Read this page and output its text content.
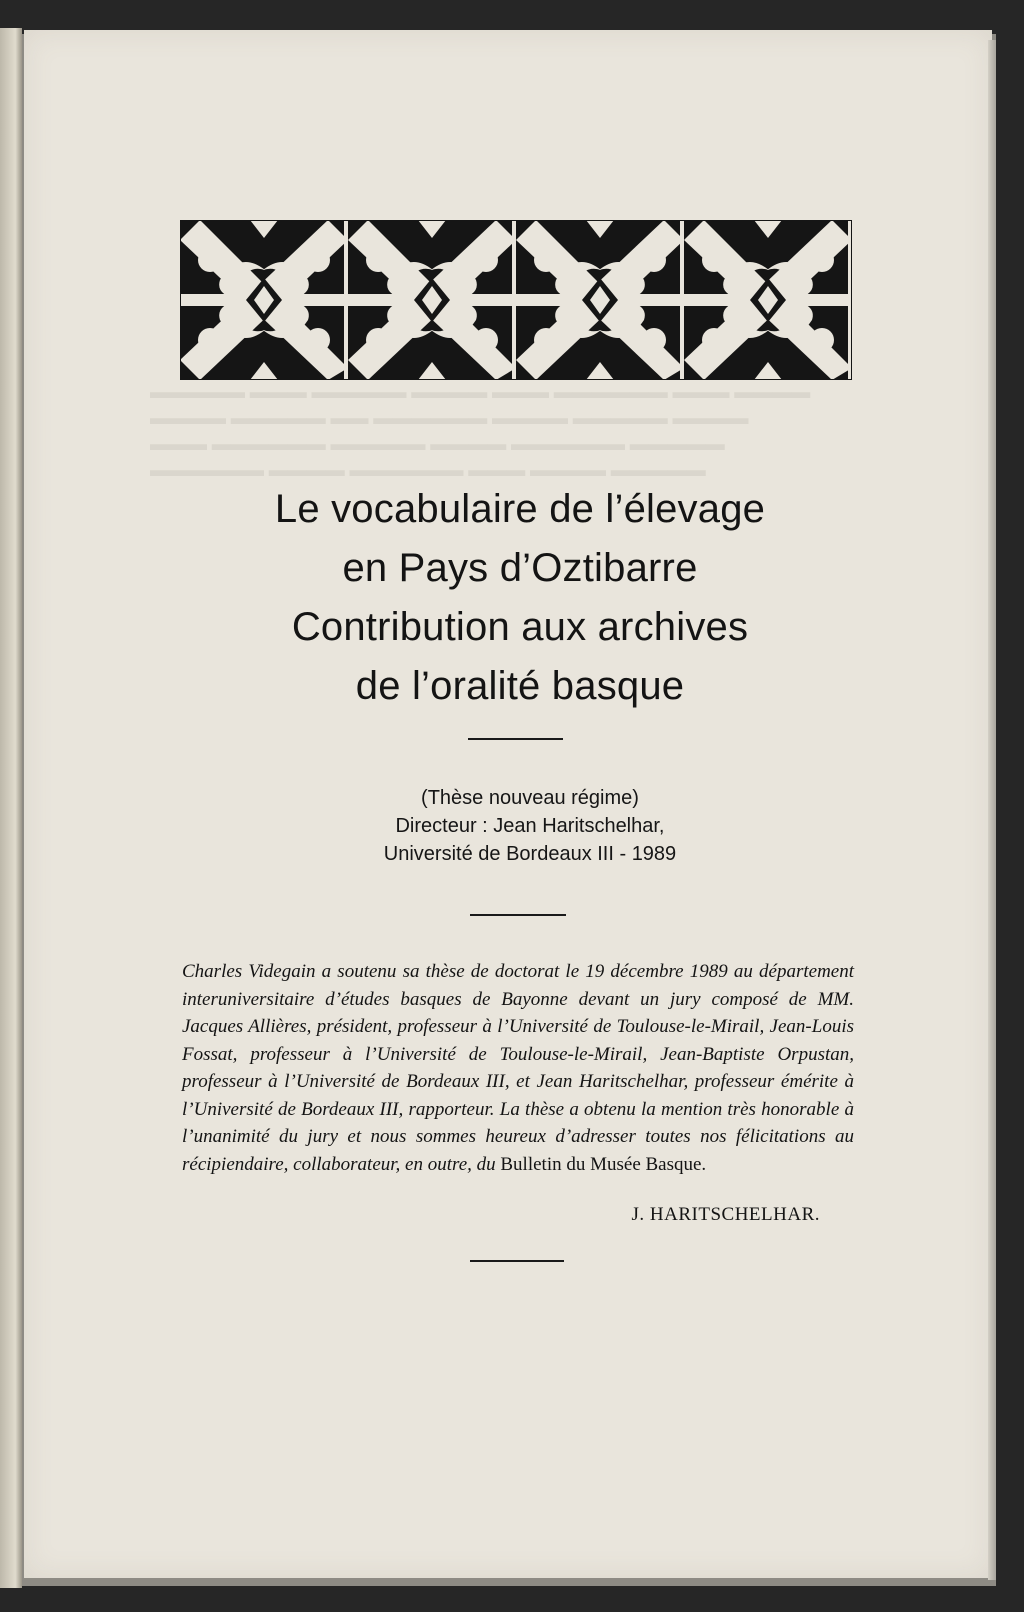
Le vocabulaire de l’élevage
en Pays d’Oztibarre
Contribution aux archives
de l’oralité basque
(Thèse nouveau régime)
Directeur : Jean Haritschelhar,
Université de Bordeaux III - 1989
Charles Videgain a soutenu sa thèse de doctorat le 19 décembre 1989 au département interuniversitaire d’études basques de Bayonne devant un jury composé de MM. Jacques Allières, président, professeur à l’Université de Toulouse-le-Mirail, Jean-Louis Fossat, professeur à l’Université de Toulouse-le-Mirail, Jean-Baptiste Orpustan, professeur à l’Université de Bordeaux III, et Jean Haritschelhar, professeur émérite à l’Université de Bordeaux III, rapporteur. La thèse a obtenu la mention très honorable à l’unanimité du jury et nous sommes heureux d’adresser toutes nos félicitations au récipiendaire, collaborateur, en outre, du Bulletin du Musée Basque.
J. HARITSCHELHAR.
